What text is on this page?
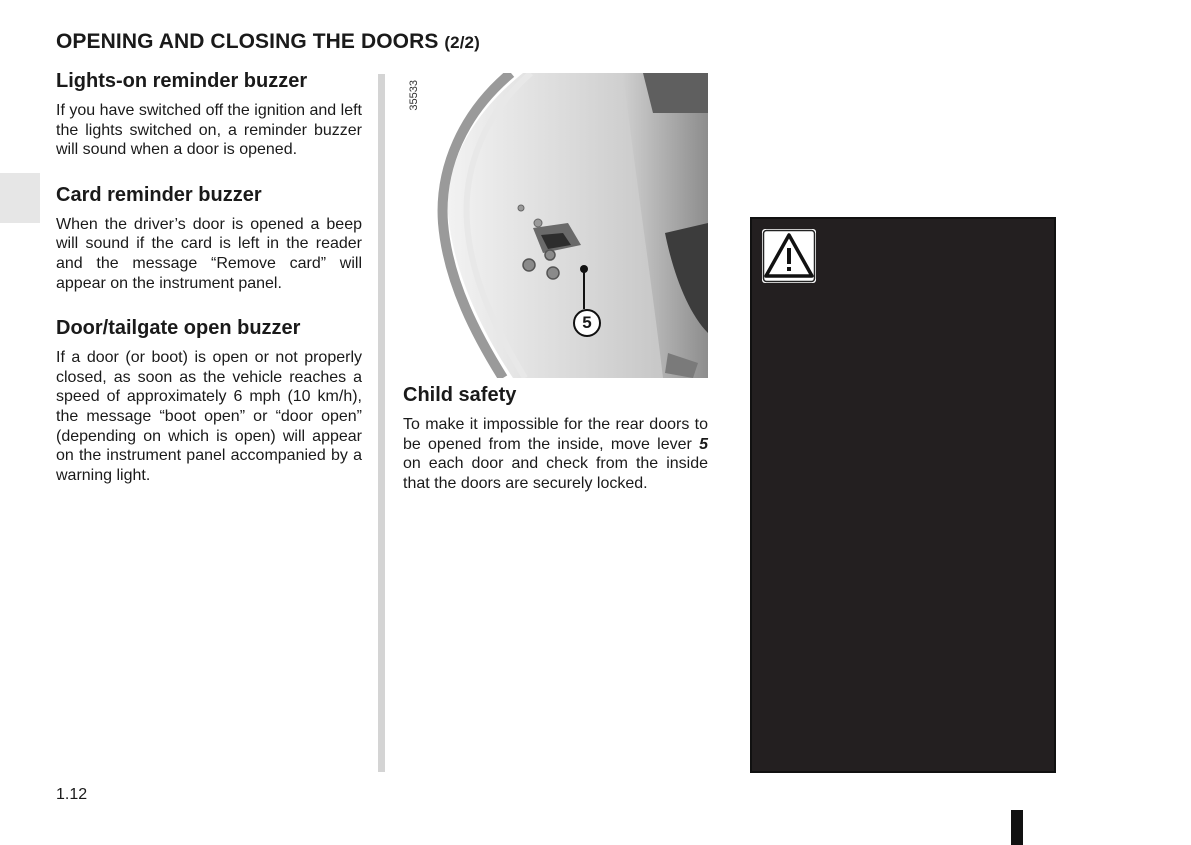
OPENING AND CLOSING THE DOORS (2/2)
Lights-on reminder buzzer

If you have switched off the ignition and left the lights switched on, a reminder buzzer will sound when a door is opened.

Card reminder buzzer

When the driver’s door is opened a beep will sound if the card is left in the reader and the message “Remove card” will appear on the instrument panel.

Door/tailgate open buzzer

If a door (or boot) is open or not properly closed, as soon as the vehicle reaches a speed of approximately 6 mph (10 km/h), the message “boot open” or “door open” (depending on which is open) will appear on the instrument panel accompanied by a warning light.

35533
5
Child safety

To make it impossible for the rear doors to be opened from the inside, move lever 5 on each door and check from the inside that the doors are securely locked.

1.12
